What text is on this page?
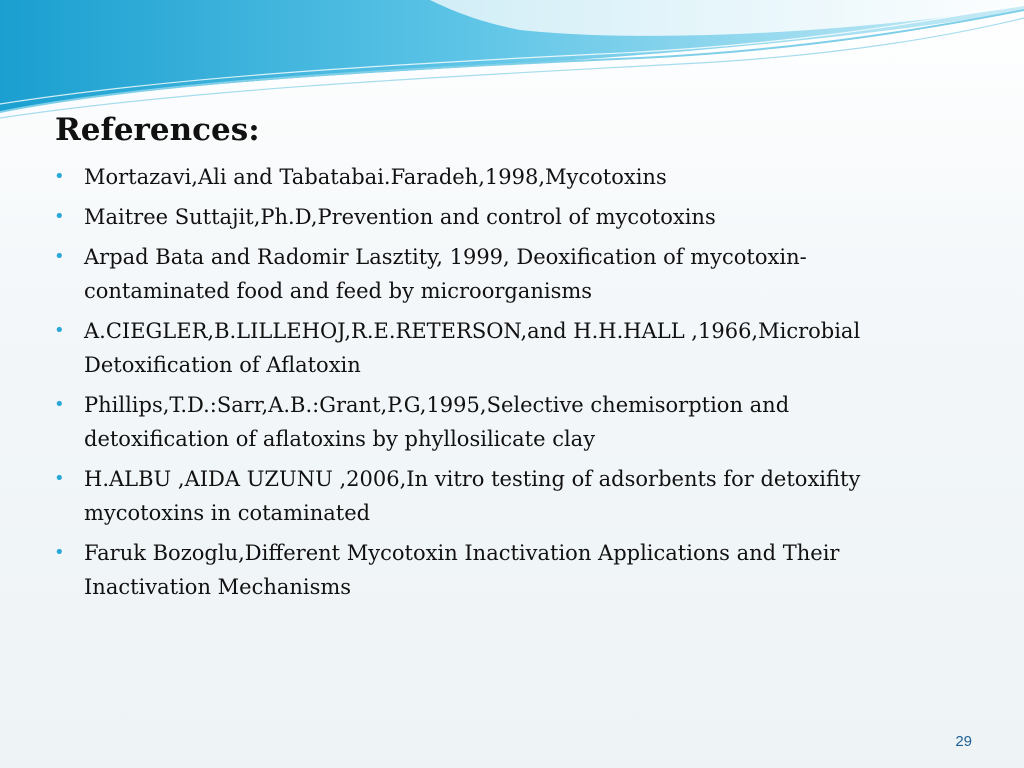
References:
• Mortazavi,Ali and Tabatabai.Faradeh,1998,Mycotoxins
• Maitree Suttajit,Ph.D,Prevention and control of mycotoxins
• Arpad Bata and Radomir Lasztity, 1999, Deoxification of mycotoxin-contaminated food and feed by microorganisms
• A.CIEGLER,B.LILLEHOJ,R.E.RETERSON,and H.H.HALL ,1966,Microbial Detoxification of Aflatoxin
• Phillips,T.D.:Sarr,A.B.:Grant,P.G,1995,Selective chemisorption and detoxification of aflatoxins by phyllosilicate clay
• H.ALBU ,AIDA UZUNU ,2006,In vitro testing of adsorbents for detoxifity mycotoxins in cotaminated
• Faruk Bozoglu,Different Mycotoxin Inactivation Applications and Their Inactivation Mechanisms
29
